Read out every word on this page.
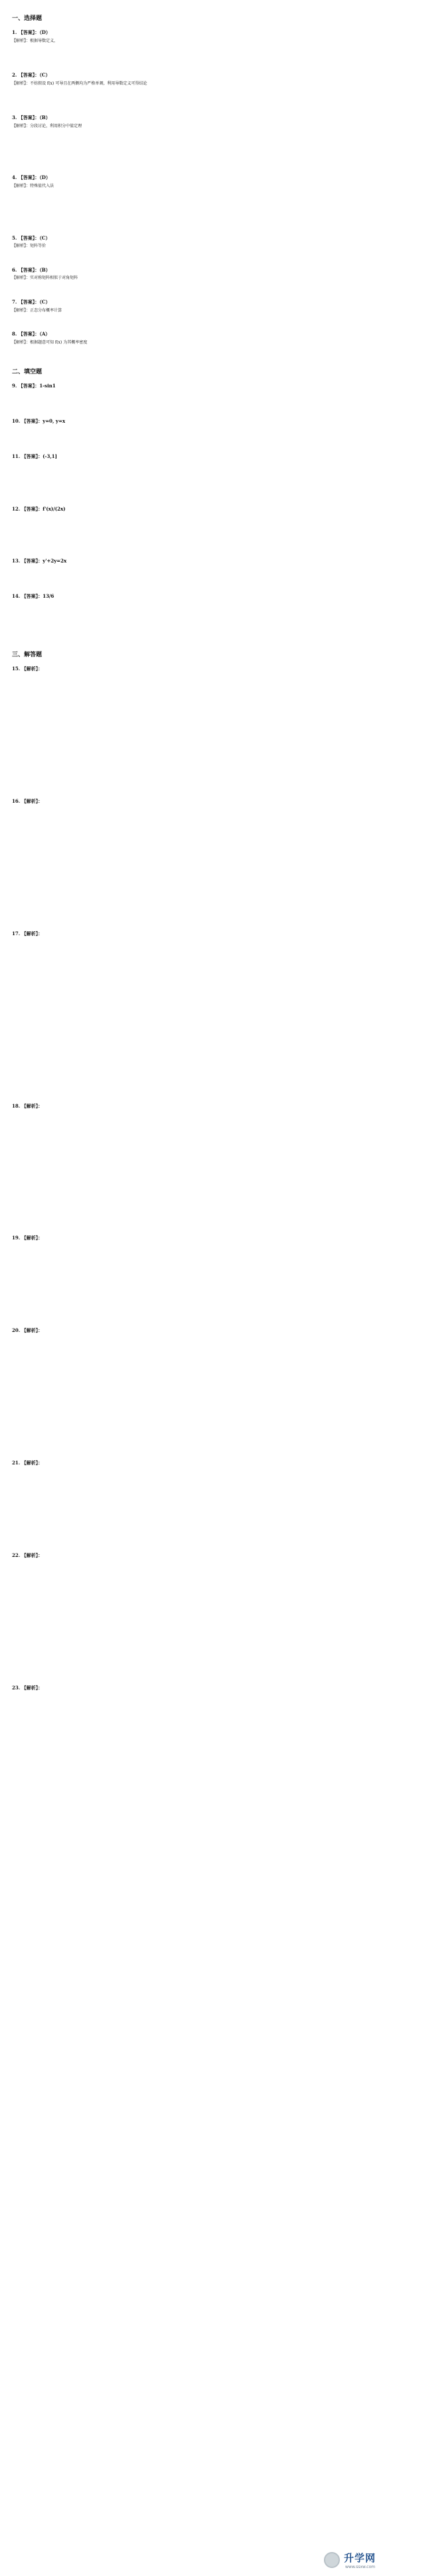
一、选择题
1. 【答案】：（D）
【解析】：根据导数定义，
2. 【答案】：（C）
【解析】：不妨假设 f(x) 可导且在两侧均为严格单调，利用导数定义可得结论
3. 【答案】：（B）
【解析】：分段讨论，利用积分中值定理
4. 【答案】：（D）
【解析】：特殊值代入法
5. 【答案】：（C）
【解析】：矩阵等价
6. 【答案】：（B）
【解析】：实对称矩阵相似于对角矩阵
7. 【答案】：（C）
【解析】：正态分布概率计算
8. 【答案】：（A）
【解析】：根据题意可知 f(x) 为其概率密度
二、填空题
9. 【答案】：1-sin1
10. 【答案】：y=0, y=x
11. 【答案】：(-3,1]
12. 【答案】：f'(x)/(2x)
13. 【答案】：y'+2y=2x
14. 【答案】：13/6
三、解答题
15. 【解析】：
16. 【解析】：
17. 【解析】：
18. 【解析】：
19. 【解析】：
20. 【解析】：
21. 【解析】：
22. 【解析】：
23. 【解析】：
升学网
www.ssxw.com
